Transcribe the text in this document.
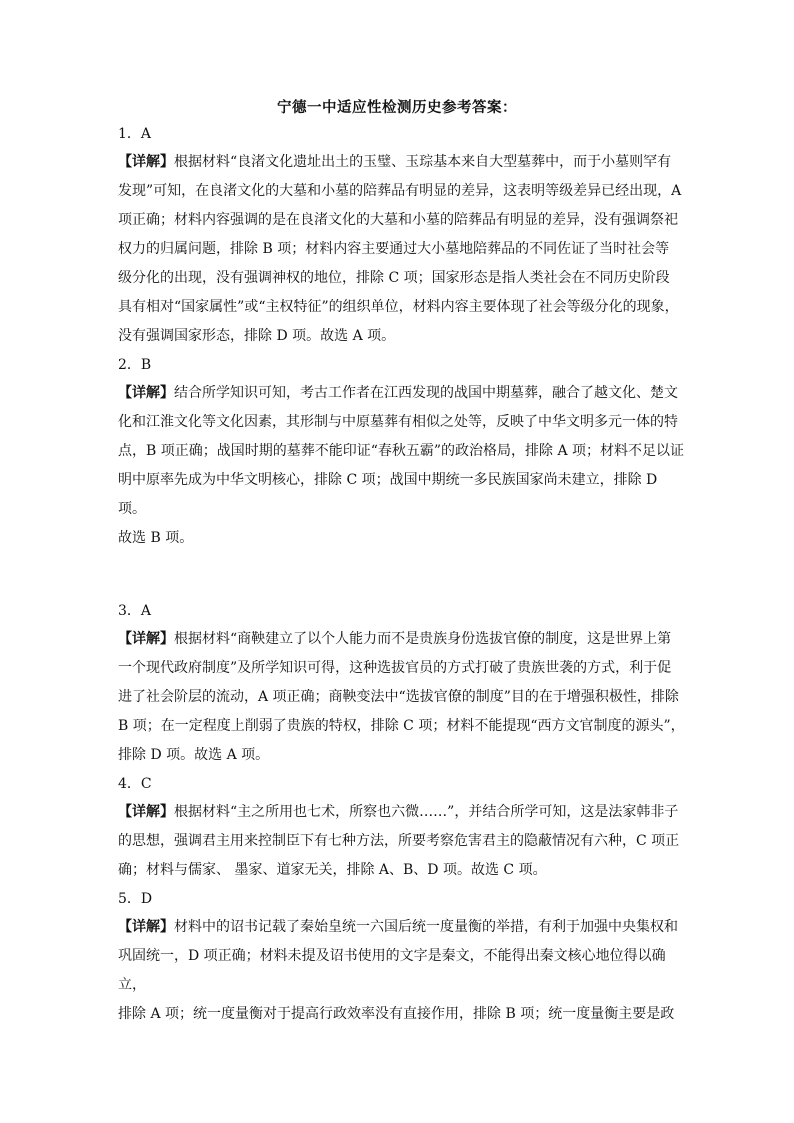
宁德一中适应性检测历史参考答案：
1．A
【详解】根据材料“良渚文化遗址出土的玉璧、玉琮基本来自大型墓葬中，而于小墓则罕有
发现”可知，在良渚文化的大墓和小墓的陪葬品有明显的差异，这表明等级差异已经出现，A
项正确；材料内容强调的是在良渚文化的大墓和小墓的陪葬品有明显的差异，没有强调祭祀
权力的归属问题，排除 B 项；材料内容主要通过大小墓地陪葬品的不同佐证了当时社会等
级分化的出现，没有强调神权的地位，排除 C 项；国家形态是指人类社会在不同历史阶段
具有相对“国家属性”或“主权特征”的组织单位，材料内容主要体现了社会等级分化的现象，
没有强调国家形态，排除 D 项。故选 A 项。
2．B
【详解】结合所学知识可知，考古工作者在江西发现的战国中期墓葬，融合了越文化、楚文
化和江淮文化等文化因素，其形制与中原墓葬有相似之处等，反映了中华文明多元一体的特
点，B 项正确；战国时期的墓葬不能印证“春秋五霸”的政治格局，排除 A 项；材料不足以证
明中原率先成为中华文明核心，排除 C 项；战国中期统一多民族国家尚未建立，排除 D 项。
故选 B 项。
3．A
【详解】根据材料“商鞅建立了以个人能力而不是贵族身份选拔官僚的制度，这是世界上第
一个现代政府制度”及所学知识可得，这种选拔官员的方式打破了贵族世袭的方式，利于促
进了社会阶层的流动，A 项正确；商鞅变法中“选拔官僚的制度”目的在于增强积极性，排除
B 项；在一定程度上削弱了贵族的特权，排除 C 项；材料不能提现“西方文官制度的源头”，
排除 D 项。故选 A 项。
4．C
【详解】根据材料“主之所用也七术，所察也六微……”，并结合所学可知，这是法家韩非子
的思想，强调君主用来控制臣下有七种方法，所要考察危害君主的隐蔽情况有六种，C 项正
确；材料与儒家、 墨家、道家无关，排除 A、B、D 项。故选 C 项。
5．D
【详解】材料中的诏书记载了秦始皇统一六国后统一度量衡的举措，有利于加强中央集权和
巩固统一，D 项正确；材料未提及诏书使用的文字是秦文，不能得出秦文核心地位得以确立，
排除 A 项；统一度量衡对于提高行政效率没有直接作用，排除 B 项；统一度量衡主要是政
